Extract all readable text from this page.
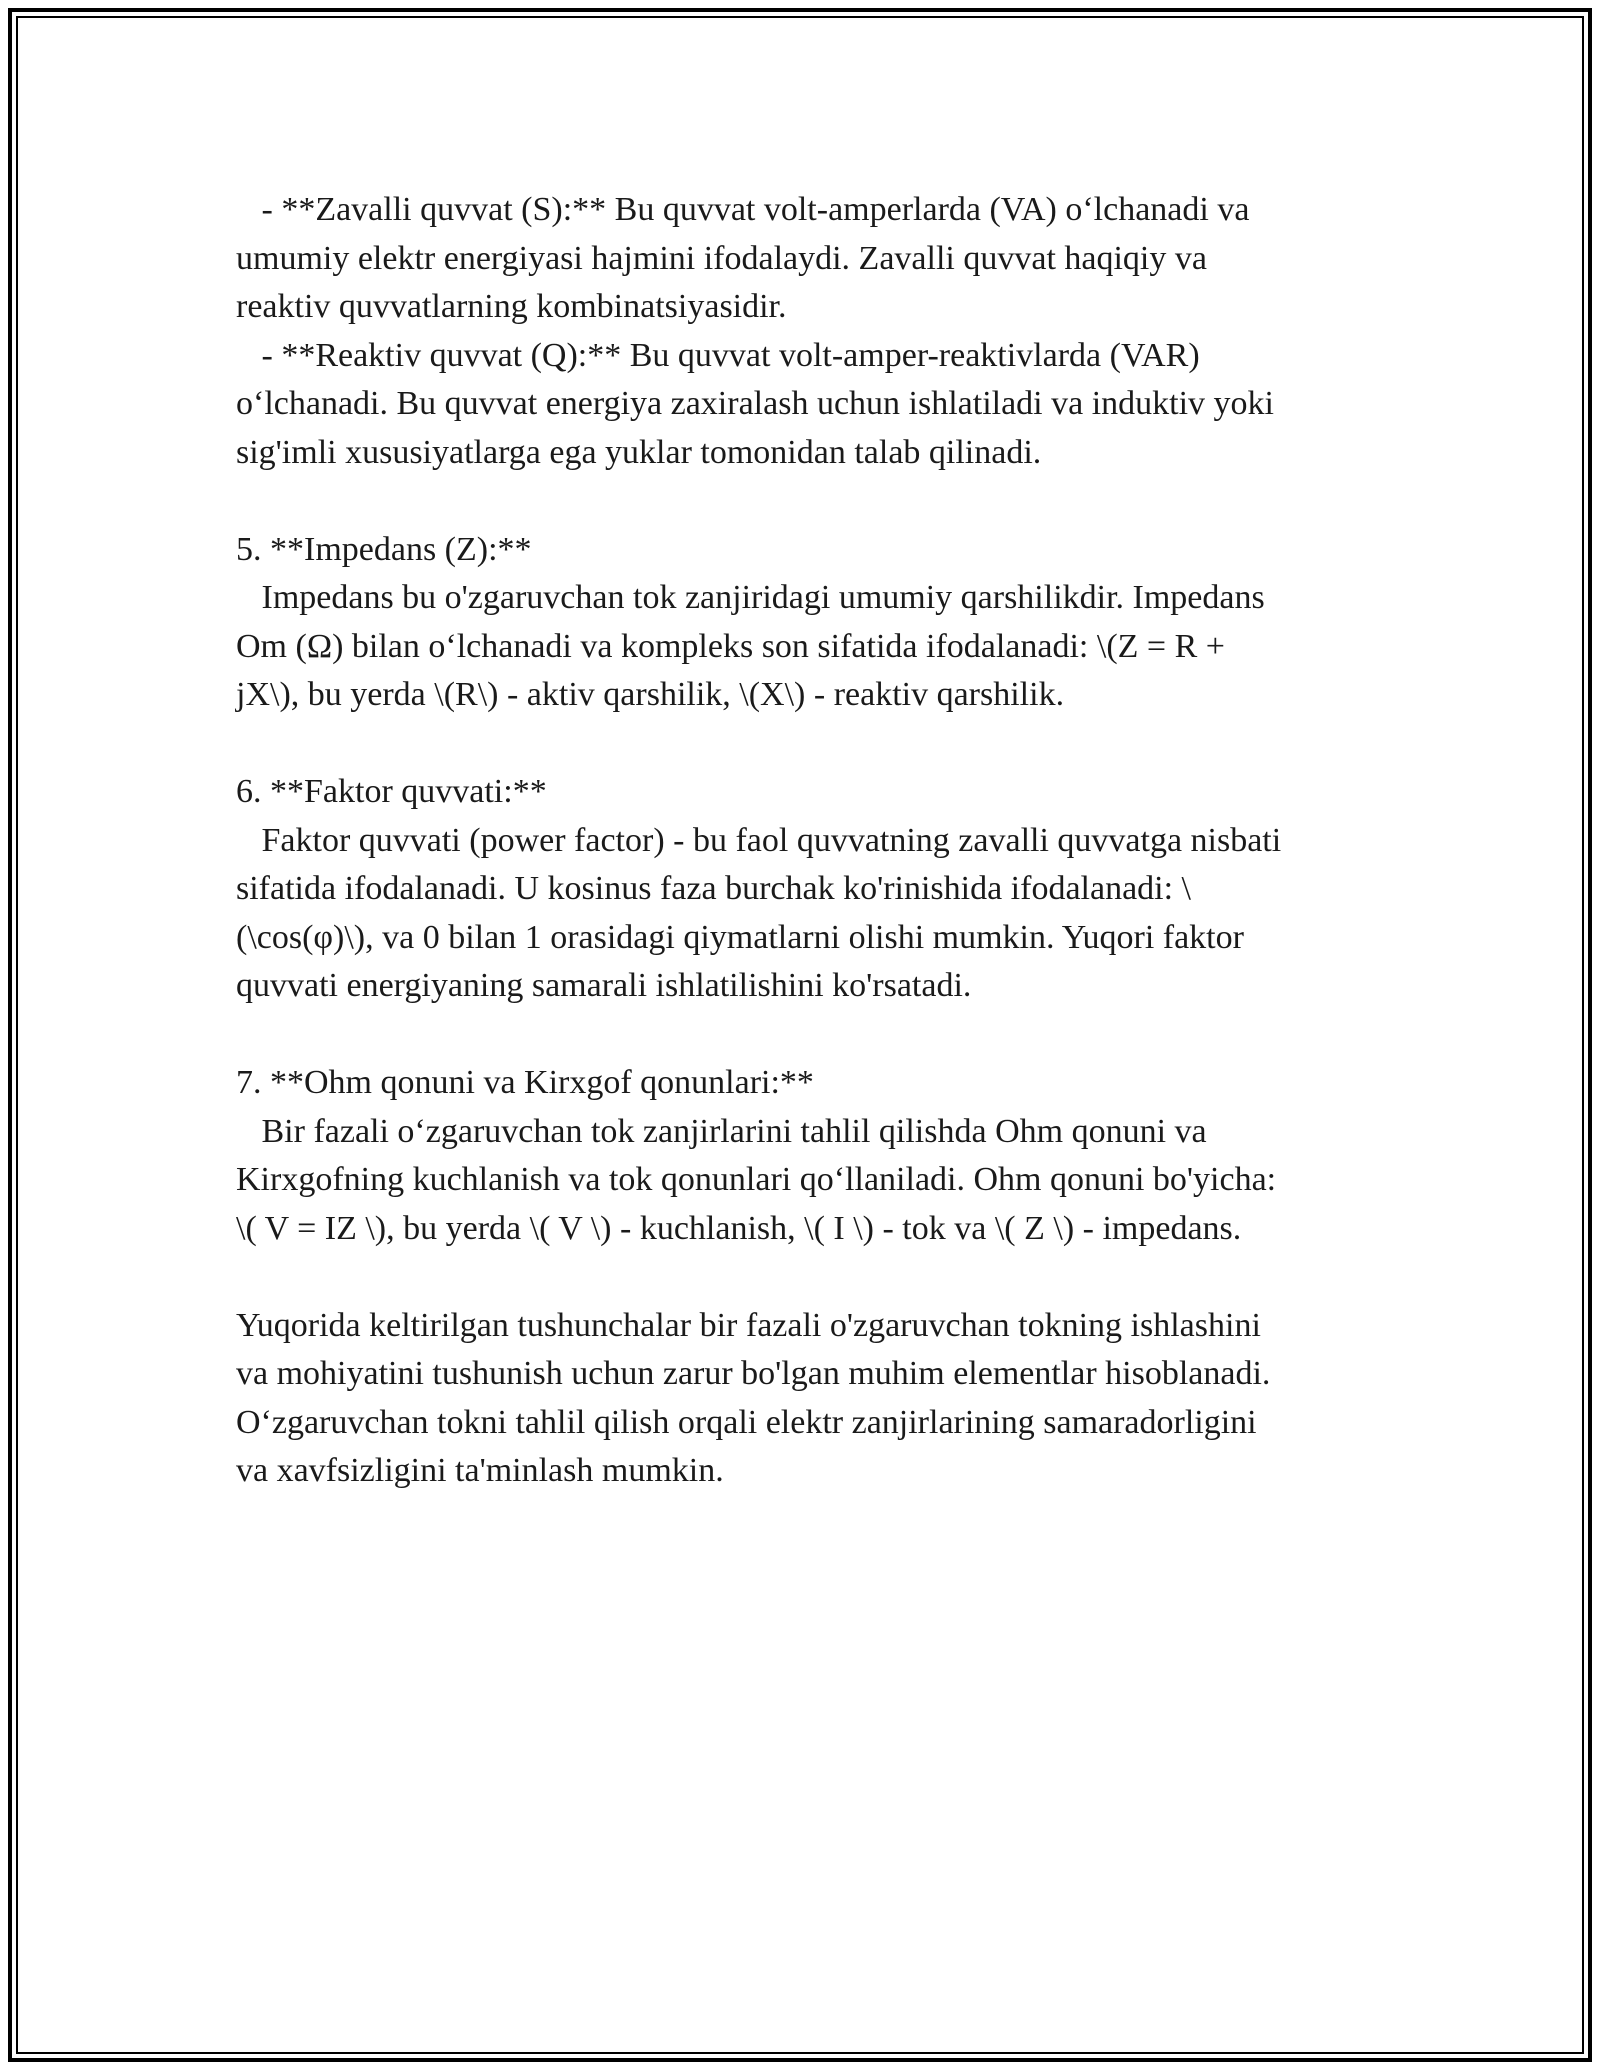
- **Zavalli quvvat (S):** Bu quvvat volt-amperlarda (VA) o‘lchanadi va
umumiy elektr energiyasi hajmini ifodalaydi. Zavalli quvvat haqiqiy va
reaktiv quvvatlarning kombinatsiyasidir.
- **Reaktiv quvvat (Q):** Bu quvvat volt-amper-reaktivlarda (VAR)
o‘lchanadi. Bu quvvat energiya zaxiralash uchun ishlatiladi va induktiv yoki
sig'imli xususiyatlarga ega yuklar tomonidan talab qilinadi.
5. **Impedans (Z):**
Impedans bu o'zgaruvchan tok zanjiridagi umumiy qarshilikdir. Impedans
Om (Ω) bilan o‘lchanadi va kompleks son sifatida ifodalanadi: \(Z = R +
jX\), bu yerda \(R\) - aktiv qarshilik, \(X\) - reaktiv qarshilik.
6. **Faktor quvvati:**
Faktor quvvati (power factor) - bu faol quvvatning zavalli quvvatga nisbati
sifatida ifodalanadi. U kosinus faza burchak ko'rinishida ifodalanadi: \
(\cos(φ)\), va 0 bilan 1 orasidagi qiymatlarni olishi mumkin. Yuqori faktor
quvvati energiyaning samarali ishlatilishini ko'rsatadi.
7. **Ohm qonuni va Kirxgof qonunlari:**
Bir fazali o‘zgaruvchan tok zanjirlarini tahlil qilishda Ohm qonuni va
Kirxgofning kuchlanish va tok qonunlari qo‘llaniladi. Ohm qonuni bo'yicha:
\( V = IZ \), bu yerda \( V \) - kuchlanish, \( I \) - tok va \( Z \) - impedans.
Yuqorida keltirilgan tushunchalar bir fazali o'zgaruvchan tokning ishlashini
va mohiyatini tushunish uchun zarur bo'lgan muhim elementlar hisoblanadi.
O‘zgaruvchan tokni tahlil qilish orqali elektr zanjirlarining samaradorligini
va xavfsizligini ta'minlash mumkin.
